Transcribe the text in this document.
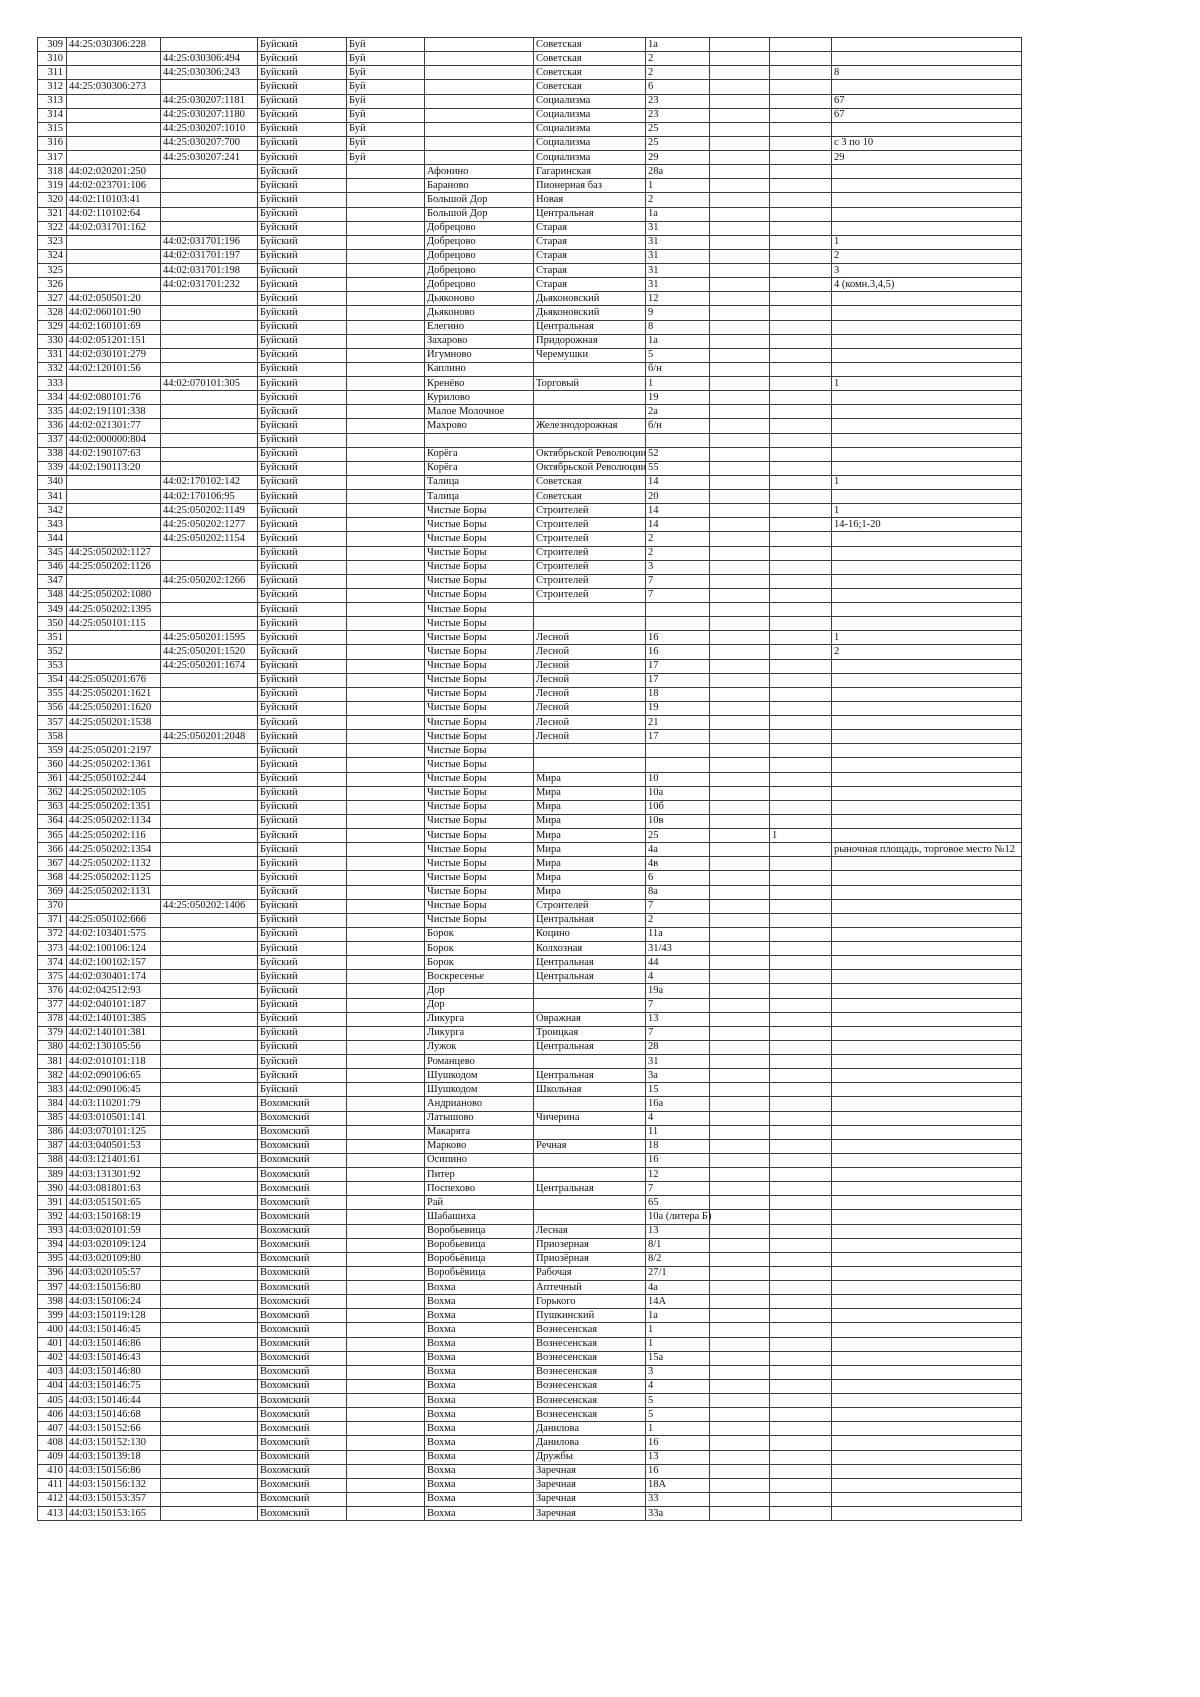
309	44:25:030306:228		Буйский	Буй		Советская	1а			
310		44:25:030306:494	Буйский	Буй		Советская	2			
311		44:25:030306:243	Буйский	Буй		Советская	2			8
312	44:25:030306:273		Буйский	Буй		Советская	6			
313		44:25:030207:1181	Буйский	Буй		Социализма	23			67
314		44:25:030207:1180	Буйский	Буй		Социализма	23			67
315		44:25:030207:1010	Буйский	Буй		Социализма	25			
316		44:25:030207:700	Буйский	Буй		Социализма	25			с 3 по 10
317		44:25:030207:241	Буйский	Буй		Социализма	29			29
318	44:02:020201:250		Буйский		Афонино	Гагаринская	28а			
319	44:02:023701:106		Буйский		Бараново	Пионерная баз	1			
320	44:02:110103:41		Буйский		Большой Дор	Новая	2			
321	44:02:110102:64		Буйский		Большой Дор	Центральная	1а			
322	44:02:031701:162		Буйский		Добрецово	Старая	31			
323		44:02:031701:196	Буйский		Добрецово	Старая	31			1
324		44:02:031701:197	Буйский		Добрецово	Старая	31			2
325		44:02:031701:198	Буйский		Добрецово	Старая	31			3
326		44:02:031701:232	Буйский		Добрецово	Старая	31			4 (комн.3,4,5)
327	44:02:050501:20		Буйский		Дьяконово	Дьяконовский	12			
328	44:02:060101:90		Буйский		Дьяконово	Дьяконовский	9			
329	44:02:160101:69		Буйский		Елегино	Центральная	8			
330	44:02:051201:151		Буйский		Захарово	Придорожная	1а			
331	44:02:030101:279		Буйский		Игумново	Черемушки	5			
332	44:02:120101:56		Буйский		Каплино		б/н			
333		44:02:070101:305	Буйский		Кренёво	Торговый	1			1
334	44:02:080101:76		Буйский		Курилово		19			
335	44:02:191101:338		Буйский		Малое Молочное		2а			
336	44:02:021301:77		Буйский		Махрово	Железнодорожная	б/н			
337	44:02:000000:804		Буйский							
338	44:02:190107:63		Буйский		Корёга	Октябрьской Революции	52			
339	44:02:190113:20		Буйский		Корёга	Октябрьской Революции	55			
340		44:02:170102:142	Буйский		Талица	Советская	14			1
341		44:02:170106:95	Буйский		Талица	Советская	20			
342		44:25:050202:1149	Буйский		Чистые Боры	Строителей	14			1
343		44:25:050202:1277	Буйский		Чистые Боры	Строителей	14			14-16;1-20
344		44:25:050202:1154	Буйский		Чистые Боры	Строителей	2			
345	44:25:050202:1127		Буйский		Чистые Боры	Строителей	2			
346	44:25:050202:1126		Буйский		Чистые Боры	Строителей	3			
347		44:25:050202:1266	Буйский		Чистые Боры	Строителей	7			
348	44:25:050202:1080		Буйский		Чистые Боры	Строителей	7			
349	44:25:050202:1395		Буйский		Чистые Боры					
350	44:25:050101:115		Буйский		Чистые Боры					
351		44:25:050201:1595	Буйский		Чистые Боры	Лесной	16			1
352		44:25:050201:1520	Буйский		Чистые Боры	Лесной	16			2
353		44:25:050201:1674	Буйский		Чистые Боры	Лесной	17			
354	44:25:050201:676		Буйский		Чистые Боры	Лесной	17			
355	44:25:050201:1621		Буйский		Чистые Боры	Лесной	18			
356	44:25:050201:1620		Буйский		Чистые Боры	Лесной	19			
357	44:25:050201:1538		Буйский		Чистые Боры	Лесной	21			
358		44:25:050201:2048	Буйский		Чистые Боры	Лесной	17			
359	44:25:050201:2197		Буйский		Чистые Боры					
360	44:25:050202:1361		Буйский		Чистые Боры					
361	44:25:050102:244		Буйский		Чистые Боры	Мира	10			
362	44:25:050202:105		Буйский		Чистые Боры	Мира	10а			
363	44:25:050202:1351		Буйский		Чистые Боры	Мира	10б			
364	44:25:050202:1134		Буйский		Чистые Боры	Мира	10в			
365	44:25:050202:116		Буйский		Чистые Боры	Мира	25		1	
366	44:25:050202:1354		Буйский		Чистые Боры	Мира	4а			рыночная площадь, торговое место №12
367	44:25:050202:1132		Буйский		Чистые Боры	Мира	4в			
368	44:25:050202:1125		Буйский		Чистые Боры	Мира	6			
369	44:25:050202:1131		Буйский		Чистые Боры	Мира	8а			
370		44:25:050202:1406	Буйский		Чистые Боры	Строителей	7			
371	44:25:050102:666		Буйский		Чистые Боры	Центральная	2			
372	44:02:103401:575		Буйский		Борок	Коцино	11а			
373	44:02:100106:124		Буйский		Борок	Колхозная	31/43			
374	44:02:100102:157		Буйский		Борок	Центральная	44			
375	44:02:030401:174		Буйский		Воскресенье	Центральная	4			
376	44:02:042512:93		Буйский		Дор		19а			
377	44:02:040101:187		Буйский		Дор		7			
378	44:02:140101:385		Буйский		Ликурга	Овражная	13			
379	44:02:140101:381		Буйский		Ликурга	Троицкая	7			
380	44:02:130105:56		Буйский		Лужок	Центральная	28			
381	44:02:010101:118		Буйский		Романцево		31			
382	44:02:090106:65		Буйский		Шушкодом	Центральная	3а			
383	44:02:090106:45		Буйский		Шушкодом	Школьная	15			
384	44:03:110201:79		Вохомский		Андрианово		16а			
385	44:03:010501:141		Вохомский		Латышово	Чичерина	4			
386	44:03:070101:125		Вохомский		Макарята		11			
387	44:03:040501:53		Вохомский		Марково	Речная	18			
388	44:03:121401:61		Вохомский		Осипино		16			
389	44:03:131301:92		Вохомский		Питер		12			
390	44:03:081801:63		Вохомский		Поспехово	Центральная	7			
391	44:03:051501:65		Вохомский		Рай		65			
392	44:03:150168:19		Вохомский		Шабашиха		10а (литера Б)			
393	44:03:020101:59		Вохомский		Воробьевица	Лесная	13			
394	44:03:020109:124		Вохомский		Воробьевица	Приозерная	8/1			
395	44:03:020109:80		Вохомский		Воробьёвица	Приозёрная	8/2			
396	44:03:020105:57		Вохомский		Воробьёвица	Рабочая	27/1			
397	44:03:150156:80		Вохомский		Вохма	Аптечный	4а			
398	44:03:150106:24		Вохомский		Вохма	Горького	14А			
399	44:03:150119:128		Вохомский		Вохма	Пушкинский	1а			
400	44:03:150146:45		Вохомский		Вохма	Вознесенская	1			
401	44:03:150146:86		Вохомский		Вохма	Вознесенская	1			
402	44:03:150146:43		Вохомский		Вохма	Вознесенская	15а			
403	44:03:150146:80		Вохомский		Вохма	Вознесенская	3			
404	44:03:150146:75		Вохомский		Вохма	Вознесенская	4			
405	44:03:150146:44		Вохомский		Вохма	Вознесенская	5			
406	44:03:150146:68		Вохомский		Вохма	Вознесенская	5			
407	44:03:150152:66		Вохомский		Вохма	Данилова	1			
408	44:03:150152:130		Вохомский		Вохма	Данилова	16			
409	44:03:150139:18		Вохомский		Вохма	Дружбы	13			
410	44:03:150156:86		Вохомский		Вохма	Заречная	16			
411	44:03:150156:132		Вохомский		Вохма	Заречная	18А			
412	44:03:150153:357		Вохомский		Вохма	Заречная	33			
413	44:03:150153:165		Вохомский		Вохма	Заречная	33а			
